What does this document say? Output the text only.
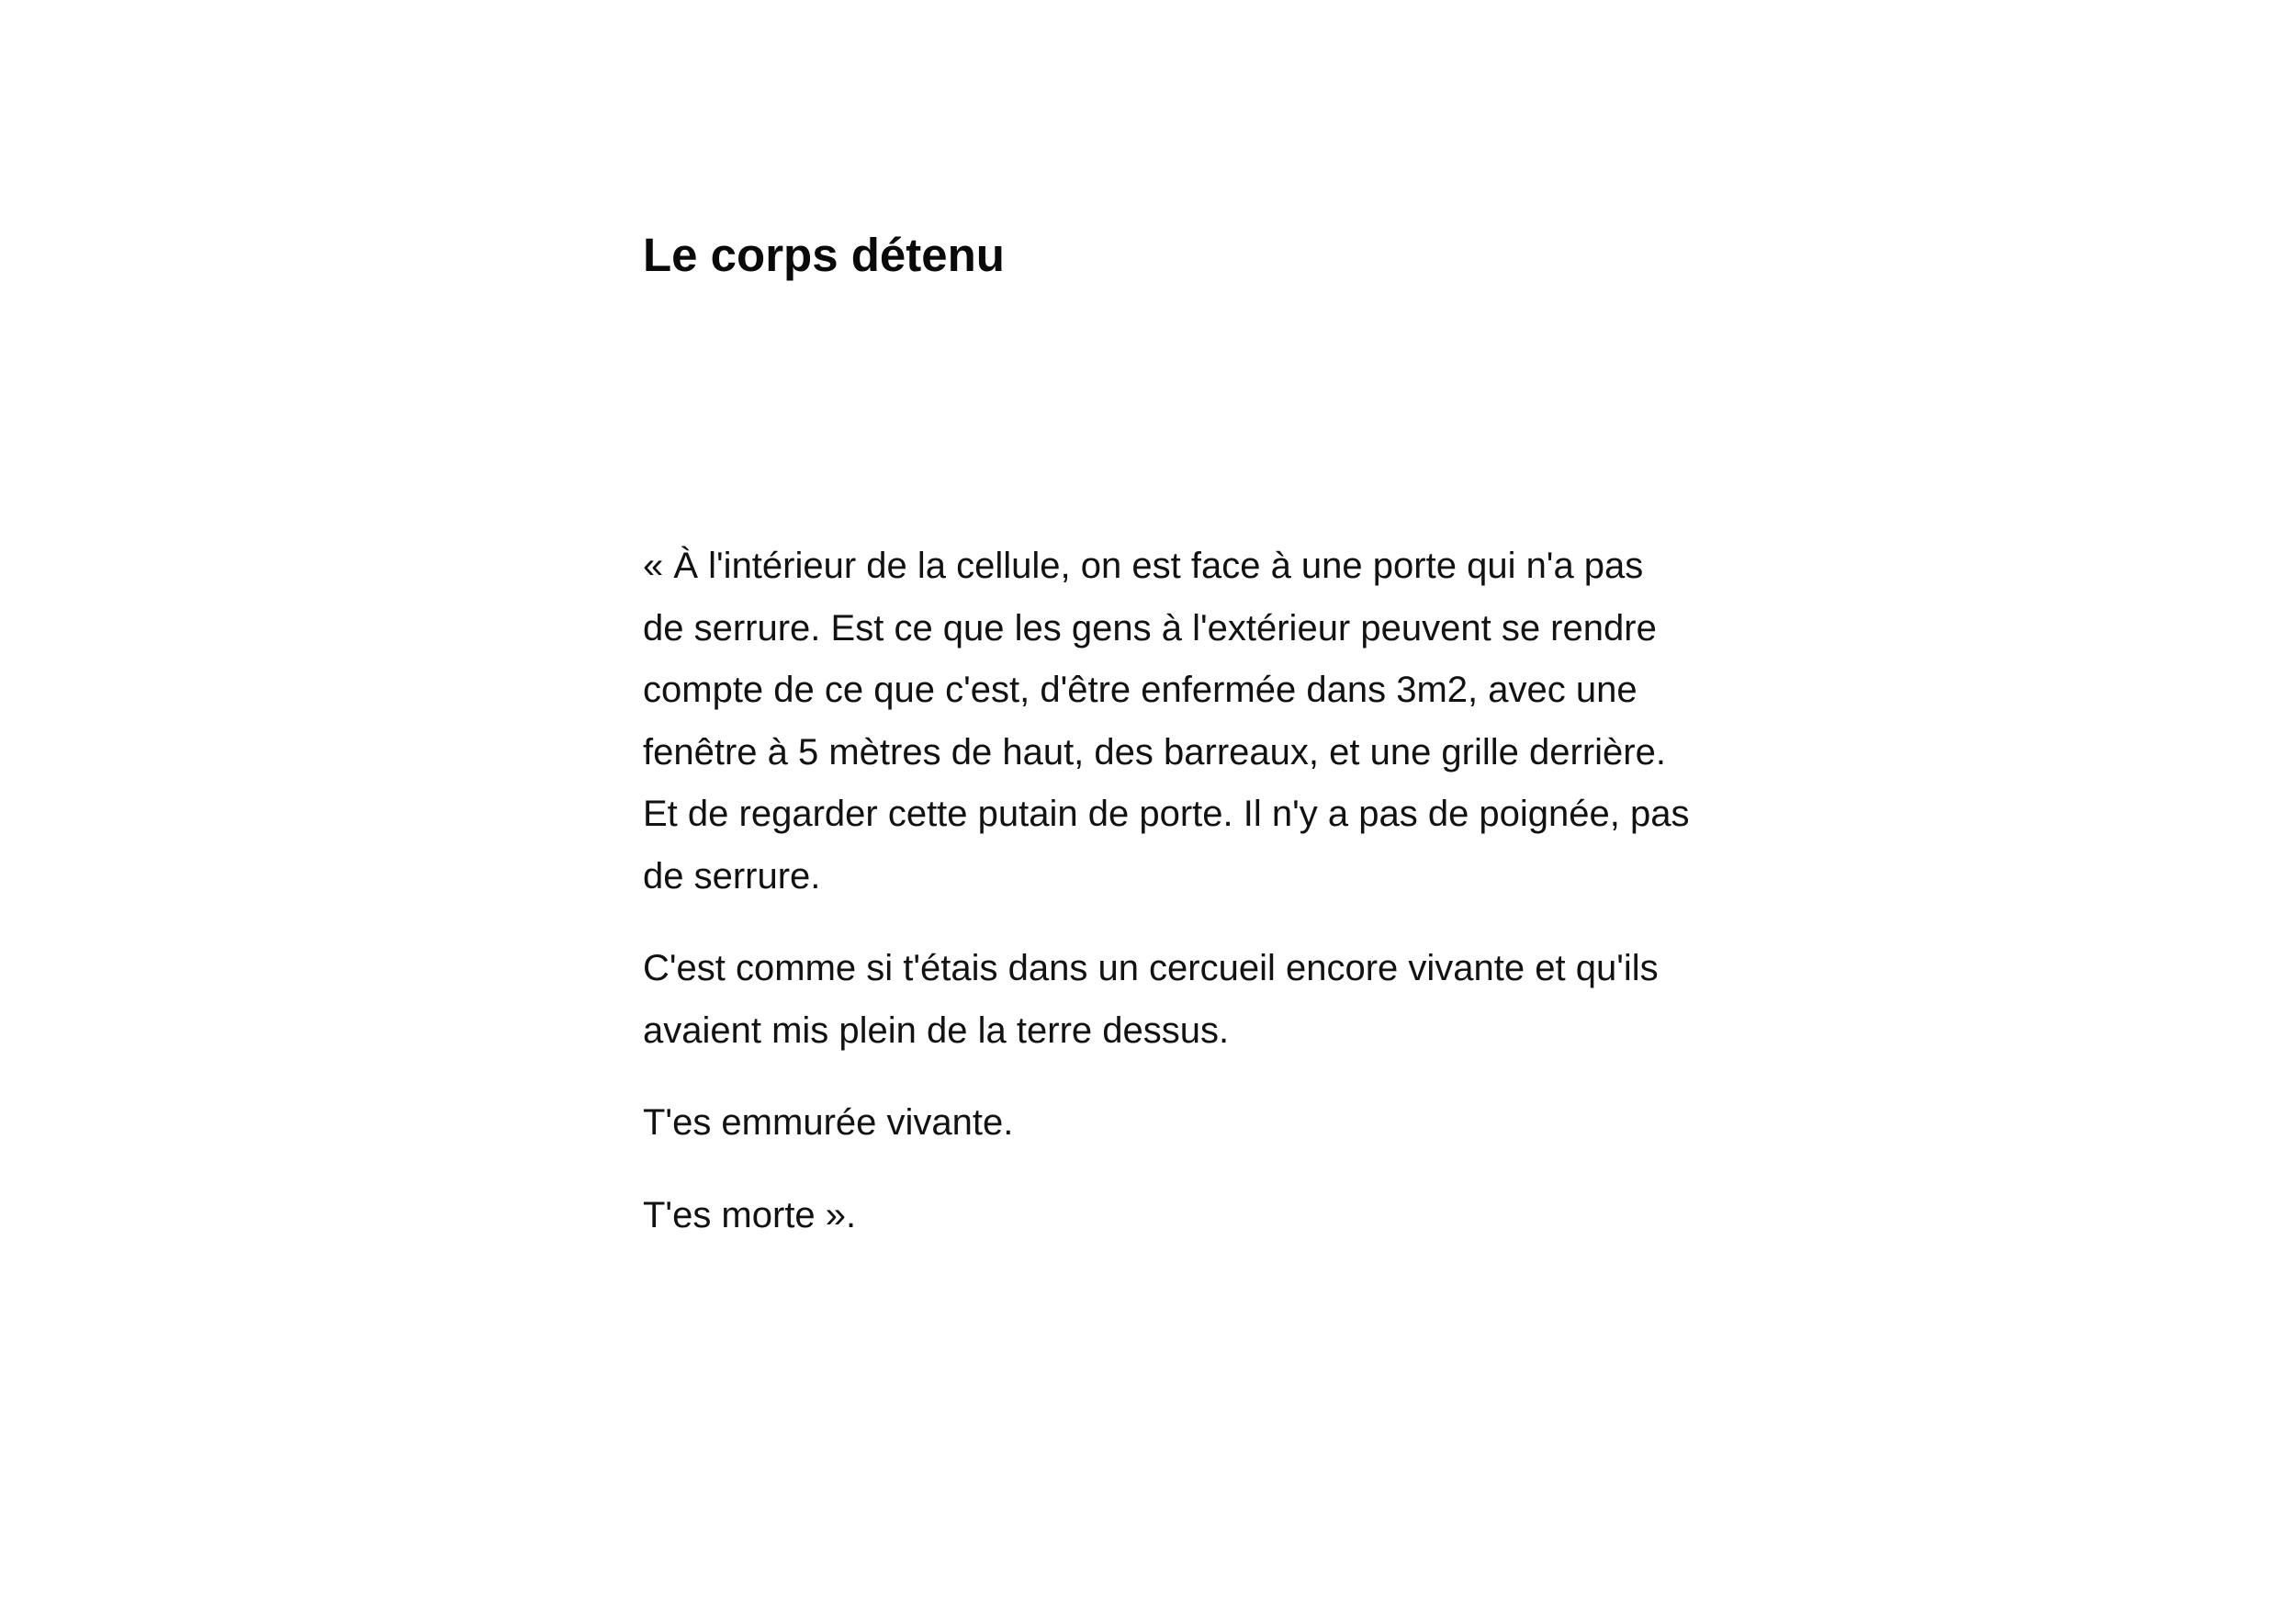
Le corps détenu

« À l'intérieur de la cellule, on est face à une porte qui n'a pas
de serrure. Est ce que les gens à l'extérieur peuvent se rendre
compte de ce que c'est, d'être enfermée dans 3m2, avec une
fenêtre à 5 mètres de haut, des barreaux, et une grille derrière.
Et de regarder cette putain de porte. Il n'y a pas de poignée, pas
de serrure.

C'est comme si t'étais dans un cercueil encore vivante et qu'ils
avaient mis plein de la terre dessus.

T'es emmurée vivante.

T'es morte ».
